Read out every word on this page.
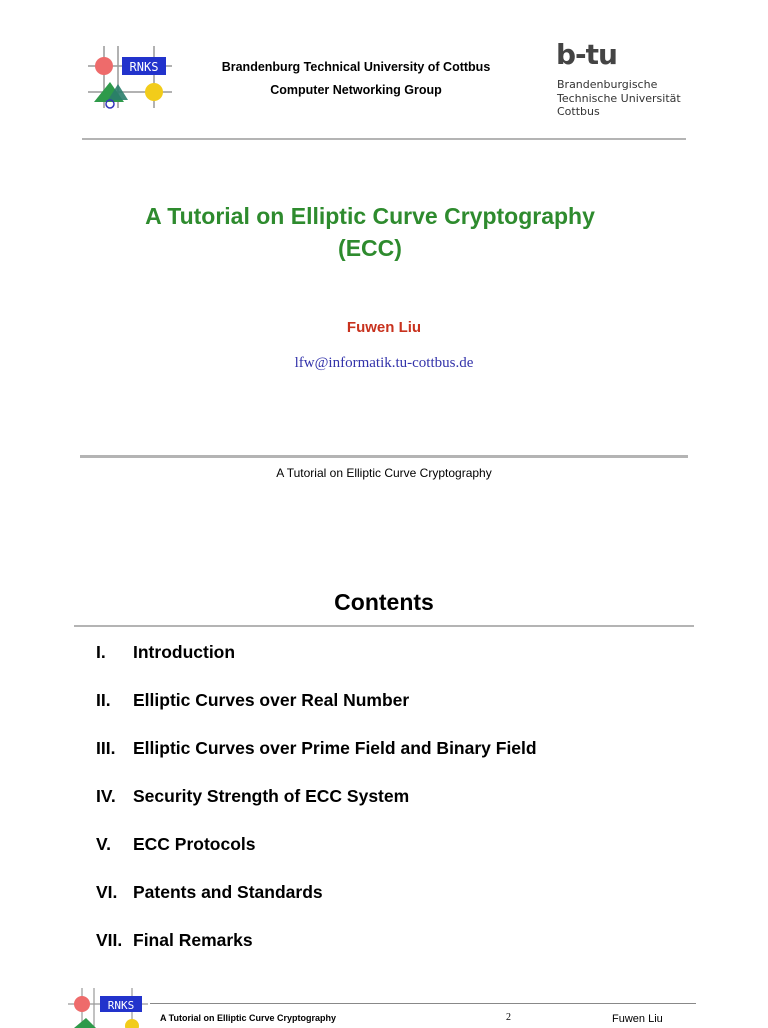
RNKS	Brandenburg Technical University of Cottbus
Computer Networking Group
b-tu
Brandenburgische
Technische Universität
Cottbus
A Tutorial on Elliptic Curve Cryptography
(ECC)
Fuwen Liu
lfw@informatik.tu-cottbus.de
A Tutorial on Elliptic Curve Cryptography
Contents
I.	Introduction
II.	Elliptic Curves over Real Number
III.	Elliptic Curves over Prime Field and Binary Field
IV. Security Strength of ECC System
V.	ECC Protocols
VI. Patents and Standards
VII. Final Remarks
RNKS
A Tutorial on Elliptic Curve Cryptography	2	Fuwen Liu
